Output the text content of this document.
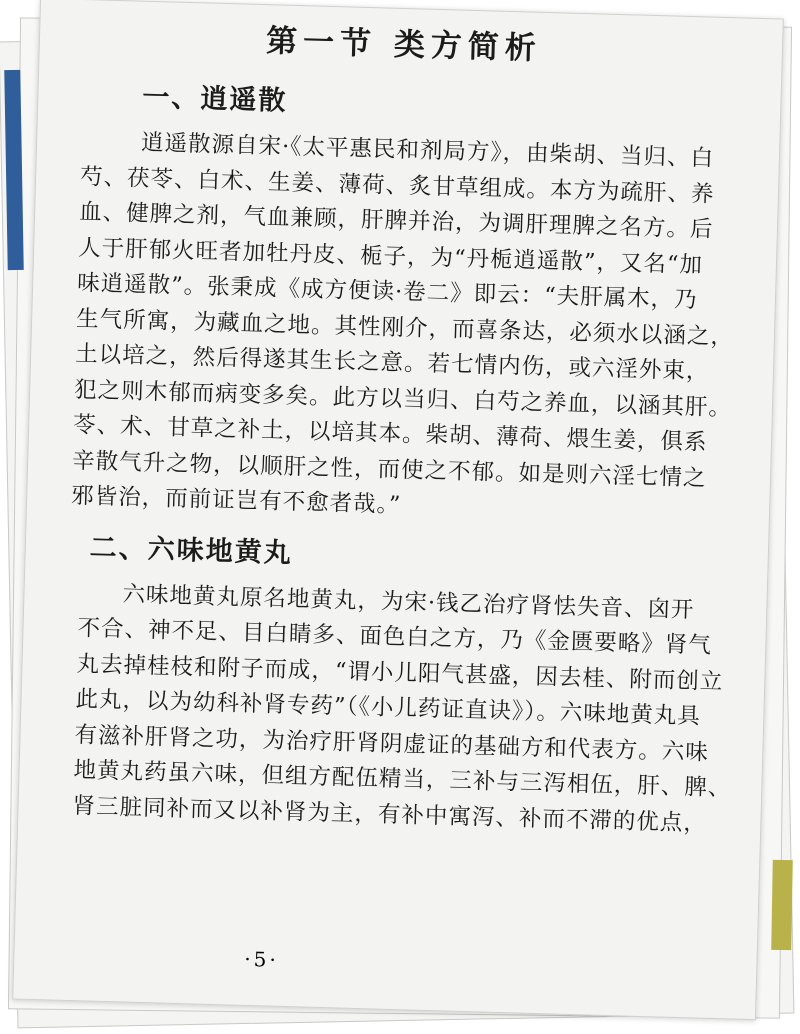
第一节 类方简析
一、逍遥散
逍遥散源自宋·《太平惠民和剂局方》，由柴胡、当归、白
芍、茯苓、白术、生姜、薄荷、炙甘草组成。本方为疏肝、养
血、健脾之剂，气血兼顾，肝脾并治，为调肝理脾之名方。后
人于肝郁火旺者加牡丹皮、栀子，为“丹栀逍遥散”，又名“加
味逍遥散”。张秉成《成方便读·卷二》即云：“夫肝属木，乃
生气所寓，为藏血之地。其性刚介，而喜条达，必须水以涵之，
土以培之，然后得遂其生长之意。若七情内伤，或六淫外束，
犯之则木郁而病变多矣。此方以当归、白芍之养血，以涵其肝。
苓、术、甘草之补土，以培其本。柴胡、薄荷、煨生姜，俱系
辛散气升之物，以顺肝之性，而使之不郁。如是则六淫七情之
邪皆治，而前证岂有不愈者哉。”
二、六味地黄丸
六味地黄丸原名地黄丸，为宋·钱乙治疗肾怯失音、囟开
不合、神不足、目白睛多、面色白之方，乃《金匮要略》肾气
丸去掉桂枝和附子而成，“谓小儿阳气甚盛，因去桂、附而创立
此丸，以为幼科补肾专药”（《小儿药证直诀》）。六味地黄丸具
有滋补肝肾之功，为治疗肝肾阴虚证的基础方和代表方。六味
地黄丸药虽六味，但组方配伍精当，三补与三泻相伍，肝、脾、
肾三脏同补而又以补肾为主，有补中寓泻、补而不滞的优点，
·5·
